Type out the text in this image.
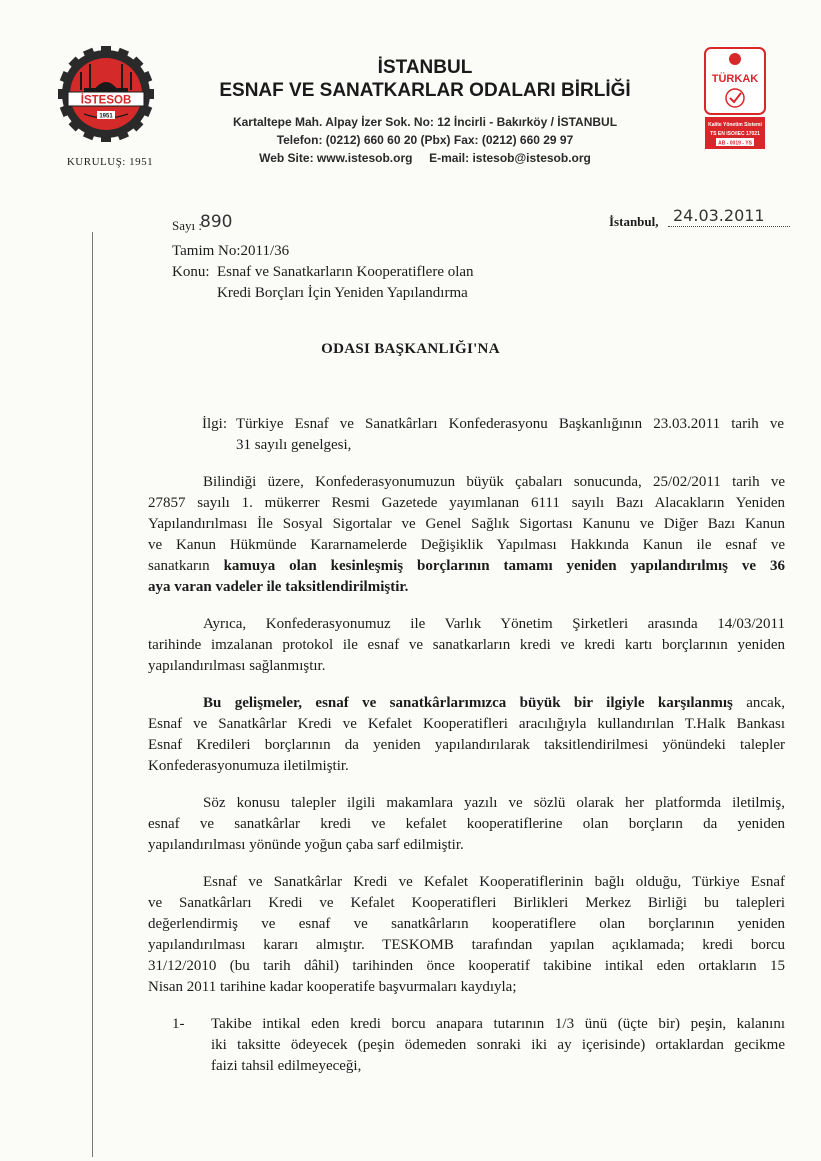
İSTESOB
1951
KURULUŞ: 1951
İSTANBUL
ESNAF VE SANATKARLAR ODALARI BİRLİĞİ
Kartaltepe Mah. Alpay İzer Sok. No: 12 İncirli - Bakırköy / İSTANBUL
Telefon: (0212) 660 60 20 (Pbx) Fax: (0212) 660 29 97
Web Site: www.istesob.org     E-mail: istesob@istesob.org
TÜRKAK
Kalite Yönetim Sistemi
TS EN ISO/IEC 17021
AB - 0019 - YS
Sayı :
890	İstanbul, 24.03.2011
Tamim No:2011/36
Konu: Esnaf ve Sanatkarların Kooperatiflere olan
Kredi Borçları İçin Yeniden Yapılandırma
ODASI BAŞKANLIĞI'NA
İlgi: Türkiye Esnaf ve Sanatkârları Konfederasyonu Başkanlığının 23.03.2011 tarih ve
31 sayılı genelgesi,
Bilindiği üzere, Konfederasyonumuzun büyük çabaları sonucunda, 25/02/2011 tarih ve
27857 sayılı 1. mükerrer Resmi Gazetede yayımlanan 6111 sayılı Bazı Alacakların Yeniden
Yapılandırılması İle Sosyal Sigortalar ve Genel Sağlık Sigortası Kanunu ve Diğer Bazı Kanun
ve Kanun Hükmünde Kararnamelerde Değişiklik Yapılması Hakkında Kanun ile esnaf ve
sanatkarın kamuya olan kesinleşmiş borçlarının tamamı yeniden yapılandırılmış ve 36
aya varan vadeler ile taksitlendirilmiştir.
Ayrıca, Konfederasyonumuz ile Varlık Yönetim Şirketleri arasında 14/03/2011
tarihinde imzalanan protokol ile esnaf ve sanatkarların kredi ve kredi kartı borçlarının yeniden
yapılandırılması sağlanmıştır.
Bu gelişmeler, esnaf ve sanatkârlarımızca büyük bir ilgiyle karşılanmış ancak,
Esnaf ve Sanatkârlar Kredi ve Kefalet Kooperatifleri aracılığıyla kullandırılan T.Halk Bankası
Esnaf Kredileri borçlarının da yeniden yapılandırılarak taksitlendirilmesi yönündeki talepler
Konfederasyonumuza iletilmiştir.
Söz konusu talepler ilgili makamlara yazılı ve sözlü olarak her platformda iletilmiş,
esnaf ve sanatkârlar kredi ve kefalet kooperatiflerine olan borçların da yeniden
yapılandırılması yönünde yoğun çaba sarf edilmiştir.
Esnaf ve Sanatkârlar Kredi ve Kefalet Kooperatiflerinin bağlı olduğu, Türkiye Esnaf
ve Sanatkârları Kredi ve Kefalet Kooperatifleri Birlikleri Merkez Birliği bu talepleri
değerlendirmiş ve esnaf ve sanatkârların kooperatiflere olan borçlarının yeniden
yapılandırılması kararı almıştır. TESKOMB tarafından yapılan açıklamada; kredi borcu
31/12/2010 (bu tarih dâhil) tarihinden önce kooperatif takibine intikal eden ortakların 15
Nisan 2011 tarihine kadar kooperatife başvurmaları kaydıyla;
1- Takibe intikal eden kredi borcu anapara tutarının 1/3 ünü (üçte bir) peşin, kalanını
iki taksitte ödeyecek (peşin ödemeden sonraki iki ay içerisinde) ortaklardan gecikme
faizi tahsil edilmeyeceği,
